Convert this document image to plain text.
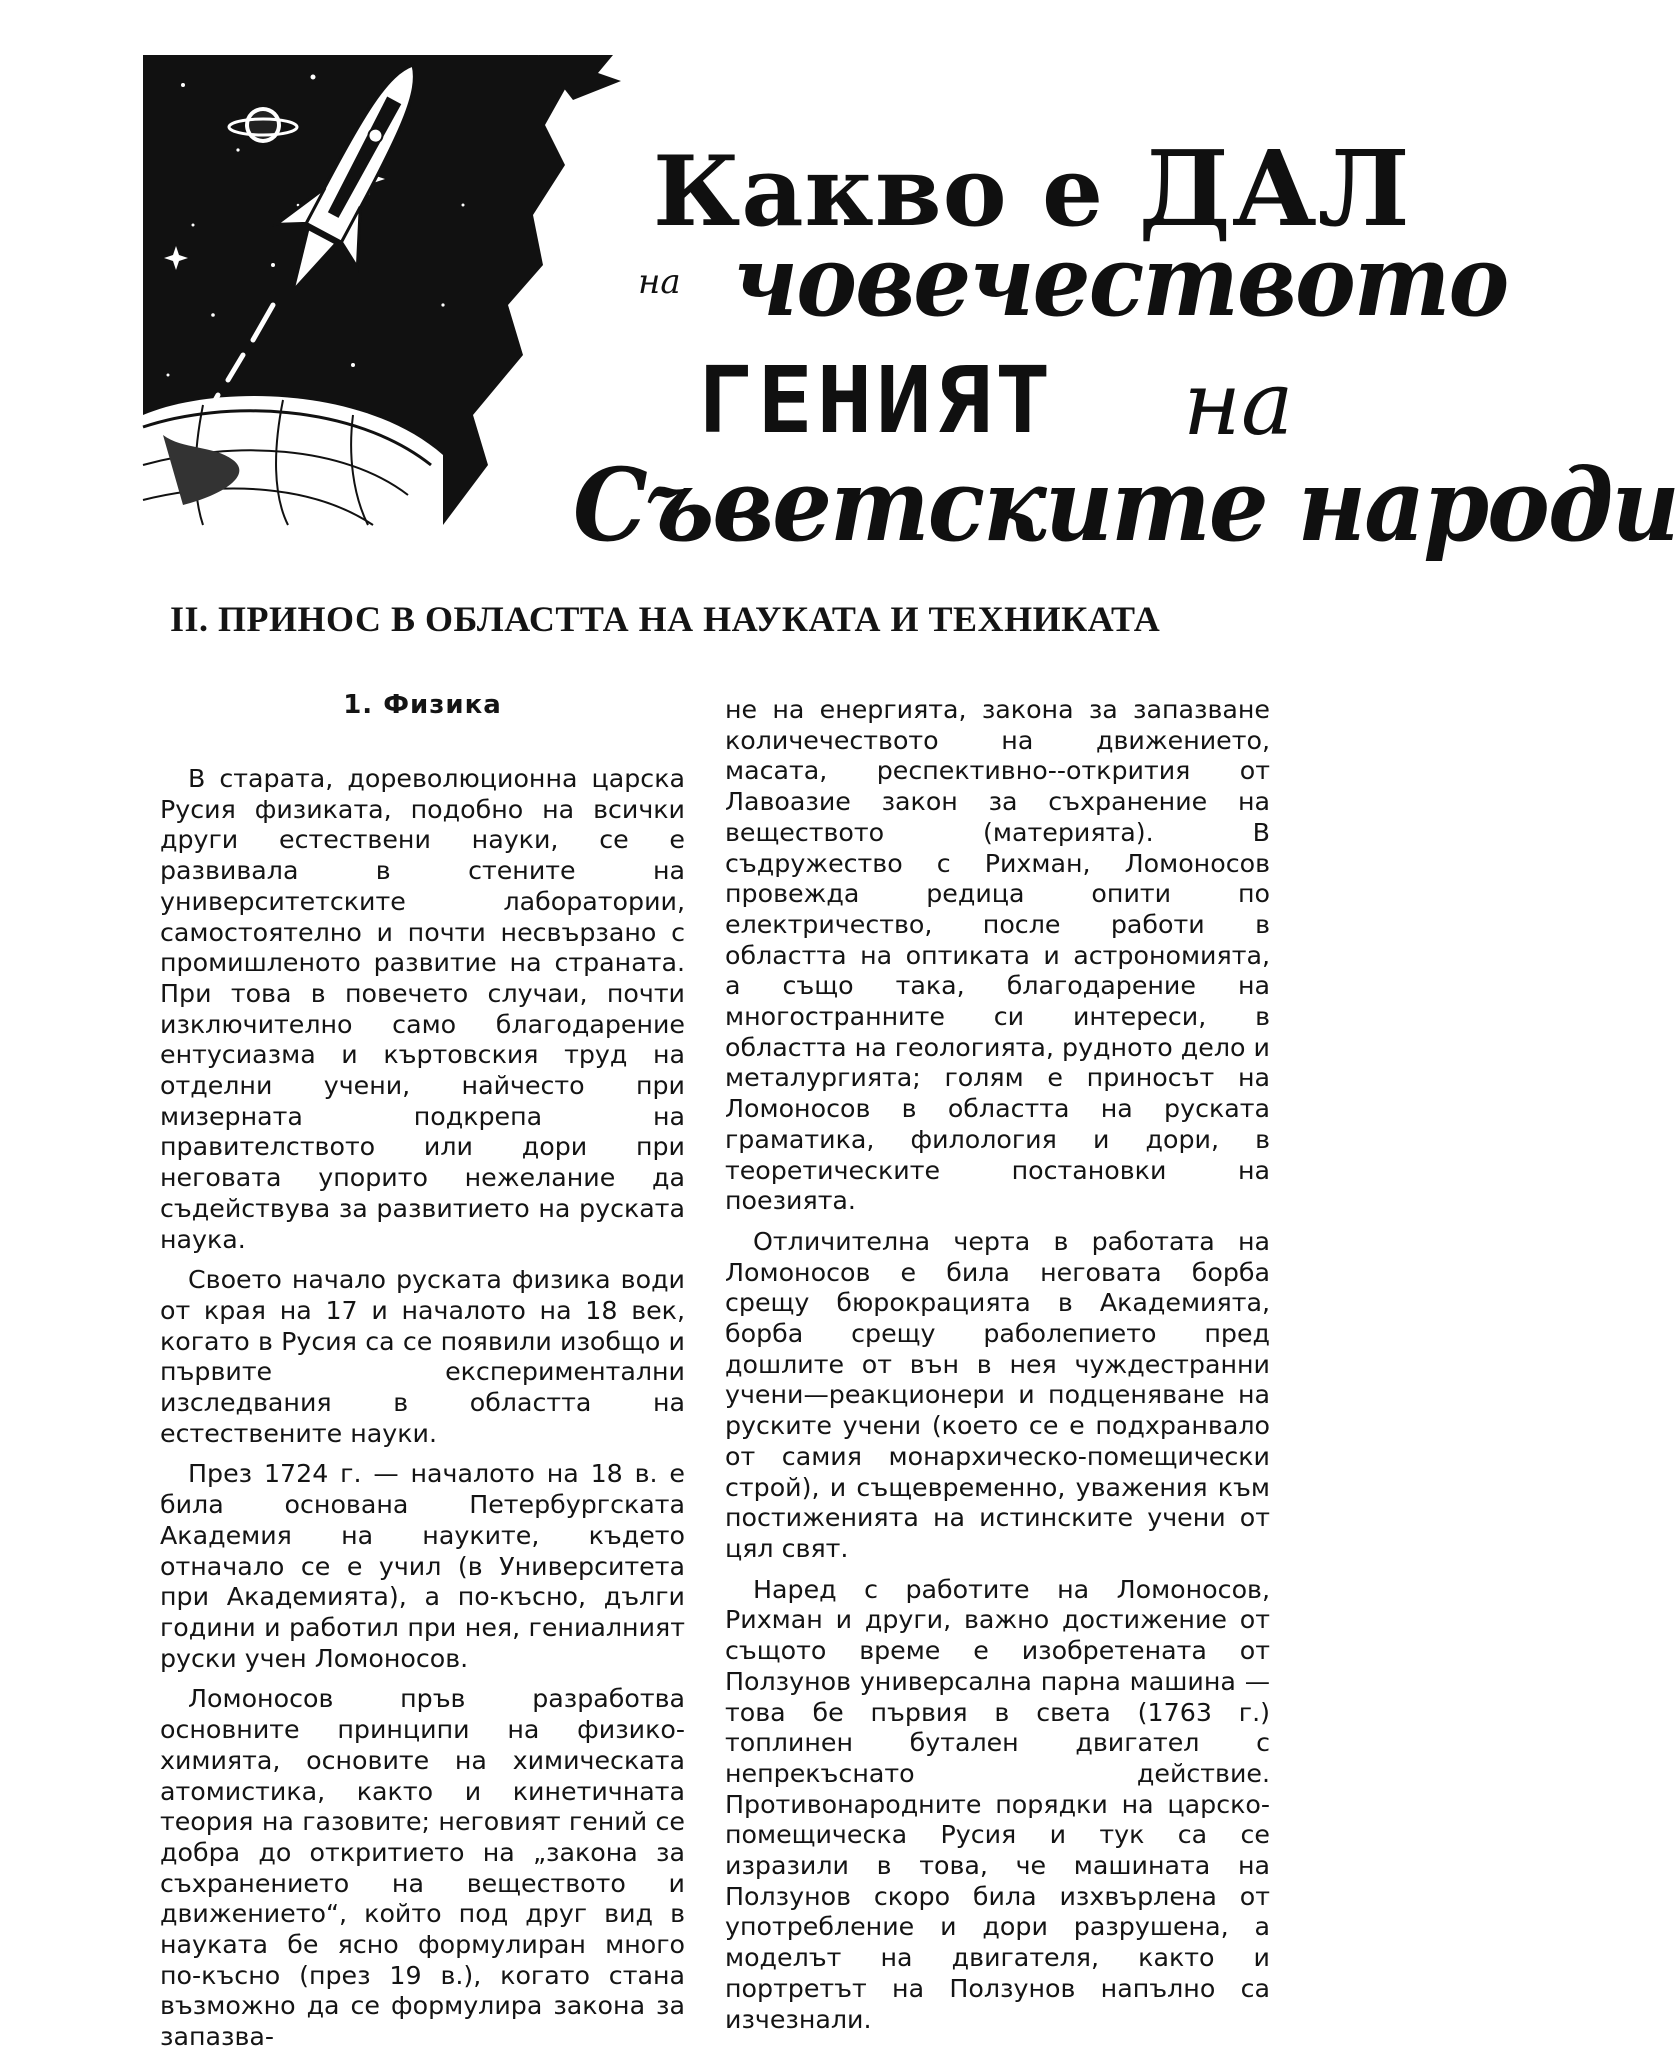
Какво е ДАЛ
на човечеството
ГЕНИЯТ на
Съветските народи
II. ПРИНОС В ОБЛАСТТА НА НАУКАТА И ТЕХНИКАТА
1. Физика

В старата, дореволюционна царска Русия физиката, подобно на всички други естествени науки, се е развивала в стените на университетските лаборатории, самостоятелно и почти несвързано с промишленото развитие на страната. При това в повечето случаи, почти изключително само благодарение ентусиазма и къртовския труд на отделни учени, найчесто при мизерната подкрепа на правителството или дори при неговата упорито нежелание да съдействува за развитието на руската наука.

Своето начало руската физика води от края на 17 и началото на 18 век, когато в Русия са се появили изобщо и първите експериментални изследвания в областта на естествените науки.

През 1724 г. — началото на 18 в. е била основана Петербургската Академия на науките, където отначало се е учил (в Университета при Академията), а по-късно, дълги години и работил при нея, гениалният руски учен Ломоносов.

Ломоносов пръв разработва основните принципи на физико-химията, основите на химическата атомистика, както и кинетичната теория на газовите; неговият гений се добра до откритието на „закона за съхранението на веществото и движението“, който под друг вид в науката бе ясно формулиран много по-късно (през 19 в.), когато стана възможно да се формулира закона за запазва-

не на енергията, закона за запазване количечеството на движението, масата, респективно--открития от Лавоазие закон за съхранение на веществото (материята). В съдружество с Рихман, Ломоносов провежда редица опити по електричество, после работи в областта на оптиката и астрономията, а също така, благодарение на многостранните си интереси, в областта на геологията, рудното дело и металургията; голям е приносът на Ломоносов в областта на руската граматика, филология и дори, в теоретическите постановки на поезията.

Отличителна черта в работата на Ломоносов е била неговата борба срещу бюрокрацията в Академията, борба срещу раболепието пред дошлите от вън в нея чуждестранни учени—реакционери и подценяване на руските учени (което се е подхранвало от самия монархическо-помещически строй), и същевременно, уважения към постиженията на истинските учени от цял свят.

Наред с работите на Ломоносов, Рихман и други, важно достижение от същото време е изобретената от Ползунов универсална парна машина — това бе първия в света (1763 г.) топлинен бутален двигател с непрекъснато действие. Противонародните порядки на царско-помещическа Русия и тук са се изразили в това, че машината на Ползунов скоро била изхвърлена от употребление и дори разрушена, а моделът на двигателя, както и портретът на Ползунов напълно са изчезнали.
